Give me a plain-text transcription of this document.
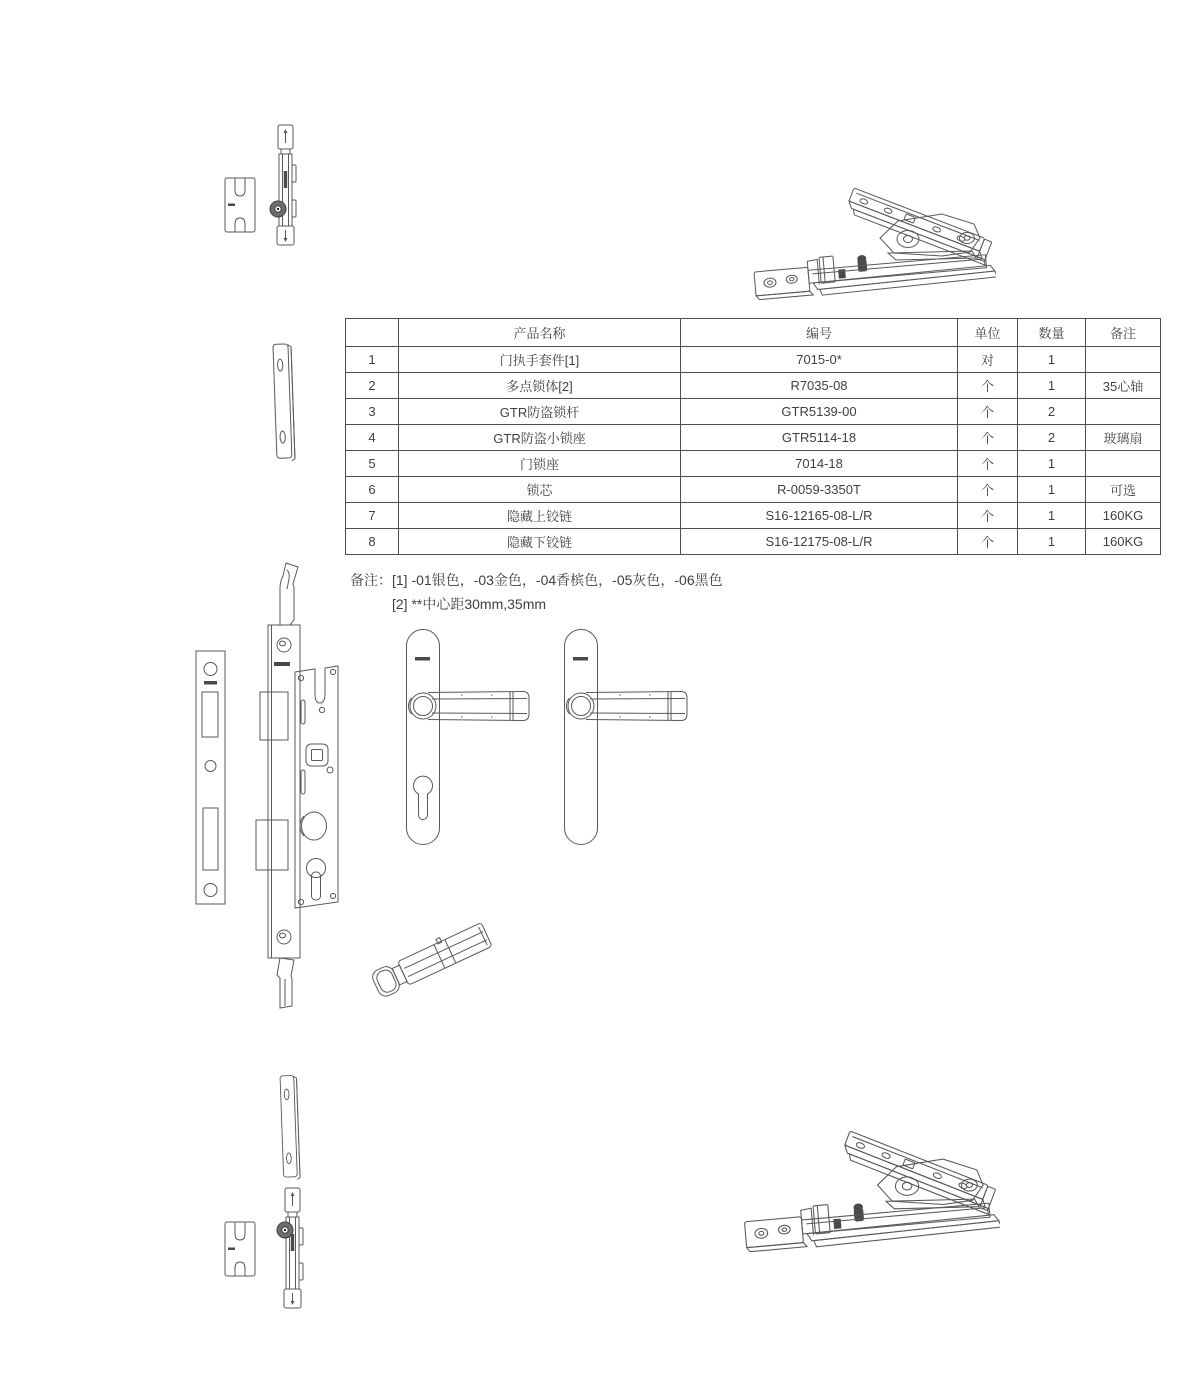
	产品名称	编号	单位	数量	备注
1	门执手套件[1]	7015-0*	对	1	
2	多点锁体[2]	R7035-08	个	1	35心轴
3	GTR防盗锁杆	GTR5139-00	个	2	
4	GTR防盗小锁座	GTR5114-18	个	2	玻璃扇
5	门锁座	7014-18	个	1	
6	锁芯	R-0059-3350T	个	1	可选
7	隐藏上铰链	S16-12165-08-L/R	个	1	160KG
8	隐藏下铰链	S16-12175-08-L/R	个	1	160KG
备注： [1] -01银色，-03金色，-04香槟色，-05灰色，-06黑色
[2] **中心距30mm,35mm
